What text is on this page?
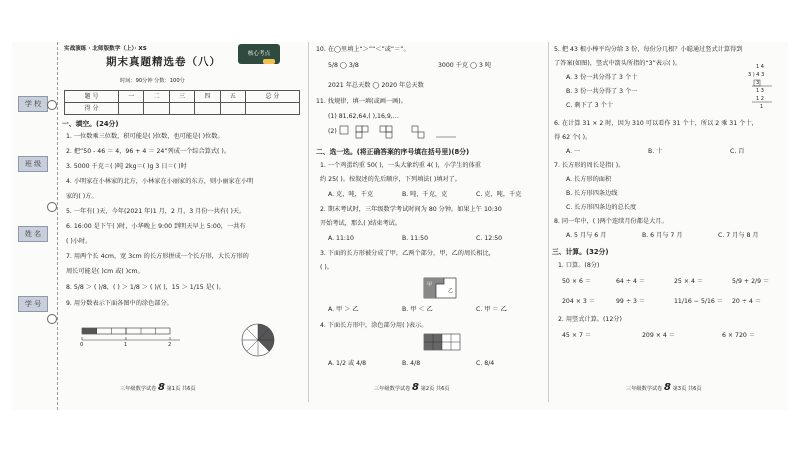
学 校
班 级
姓 名
学 号
实战演练 · 北师版数学（上）· XS
期末真题精选卷（八）
核心考点
时间：90分钟 分数：100分
题 号	一	二	三	四	五	总 分
得 分						
一、填空。(24分)
1. 一位数乘三位数，积可能是( )位数，也可能是( )位数。
2. 把“50 - 46 ＝ 4，96 + 4 ＝ 24”列成一个综合算式( )。
3. 5000 千克＝( )吨 2kg＝( )g 3 日＝( )时
4. 小明家在小林家的北方，小林家在小丽家的东方，则小丽家在小明
家的( )方。
5. 一年有( )天，今年(2021 年)1 月，2 月，3 月份一共有( )天。
6. 16:00 是下午( )时，小华晚上 9:00 到明天早上 5:00，一共有
( )小时。
7. 用两个长 4cm，宽 3cm 的长方形拼成一个长方形，大长方形的
周长可能是( )cm 或( )cm。
8. 5/8 ＞ ( )/8，( ) ＞ 1/8 ＞ ( )/( )，15 ＞ 1/15 是( )。
9. 用分数表示下面各图中的涂色部分。
0	1	2
三年级数学试卷 8 第1页 共6页
10. 在◯里填上“＞”“＜”或“＝”。
5/8 ◯ 3/8	3000 千克 ◯ 3 吨
2021 年总天数 ◯ 2020 年总天数
11. 找规律，填一填(或画一画)。
(1) 81,62,64,( ),16,9,…
(2)
二、选一选。(将正确答案的序号填在括号里)(8分)
1. 一个鸡蛋约重 50( )，一头大象约重 4( )，小学生的体重
约 25( )。按叙述的先后顺序，下列填法( )填对了。
A. 克，吨，千克	B. 吨，千克，克	C. 克，吨，千克
2. 期末考试时，三年级数学考试时间为 80 分钟。如果上午 10:30
开始考试，那么( )结束考试。
A. 11:10	B. 11:50	C. 12:50
3. 下面的长方形被分成了甲，乙两个部分，甲，乙的周长相比，
( )。
甲
乙
A. 甲 ＞ 乙	B. 甲 ＜ 乙	C. 甲 ＝ 乙
4. 下面长方形中，涂色部分用( )表示。
A. 1/2 或 4/8	B. 4/8	C. 8/4
三年级数学试卷 8 第2页 共6页
5. 把 43 根小棒平均分给 3 份，每份分几根？小聪通过竖式计算得到
了答案(如图)，竖式中箭头所指的“3”表示( )。
A. 3 份一共分得了 3 个十
B. 3 份一共分得了 3 个一
C. 剩下了 3 个十
1 4
3 ) 4 3
3
1 3
1 2
1
6. 在计算 31 × 2 时，因为 310 可以看作 31 个十，所以 2 乘 31 个十，
得 62 个( )。
A. 一	B. 十	C. 百
7. 长方形的周长是指( )。
A. 长方形的面积
B. 长方形四条边线
C. 长方形四条边的总长度
8. 同一年中，( )两个连续月份都是大月。
A. 5 月与 6 月	B. 6 月与 7 月	C. 7 月与 8 月
三、计算。(32分)
1. 口算。(8分)
50 × 6 ＝	64 ÷ 4 ＝	25 × 4 ＝	5/9 + 2/9 ＝
204 × 3 ＝	99 ÷ 3 ＝	11/16 − 5/16 ＝ 20 ÷ 4 ＝
2. 用竖式计算。(12分)
45 × 7 ＝	209 × 4 ＝	6 × 720 ＝
三年级数学试卷 8 第3页 共6页
